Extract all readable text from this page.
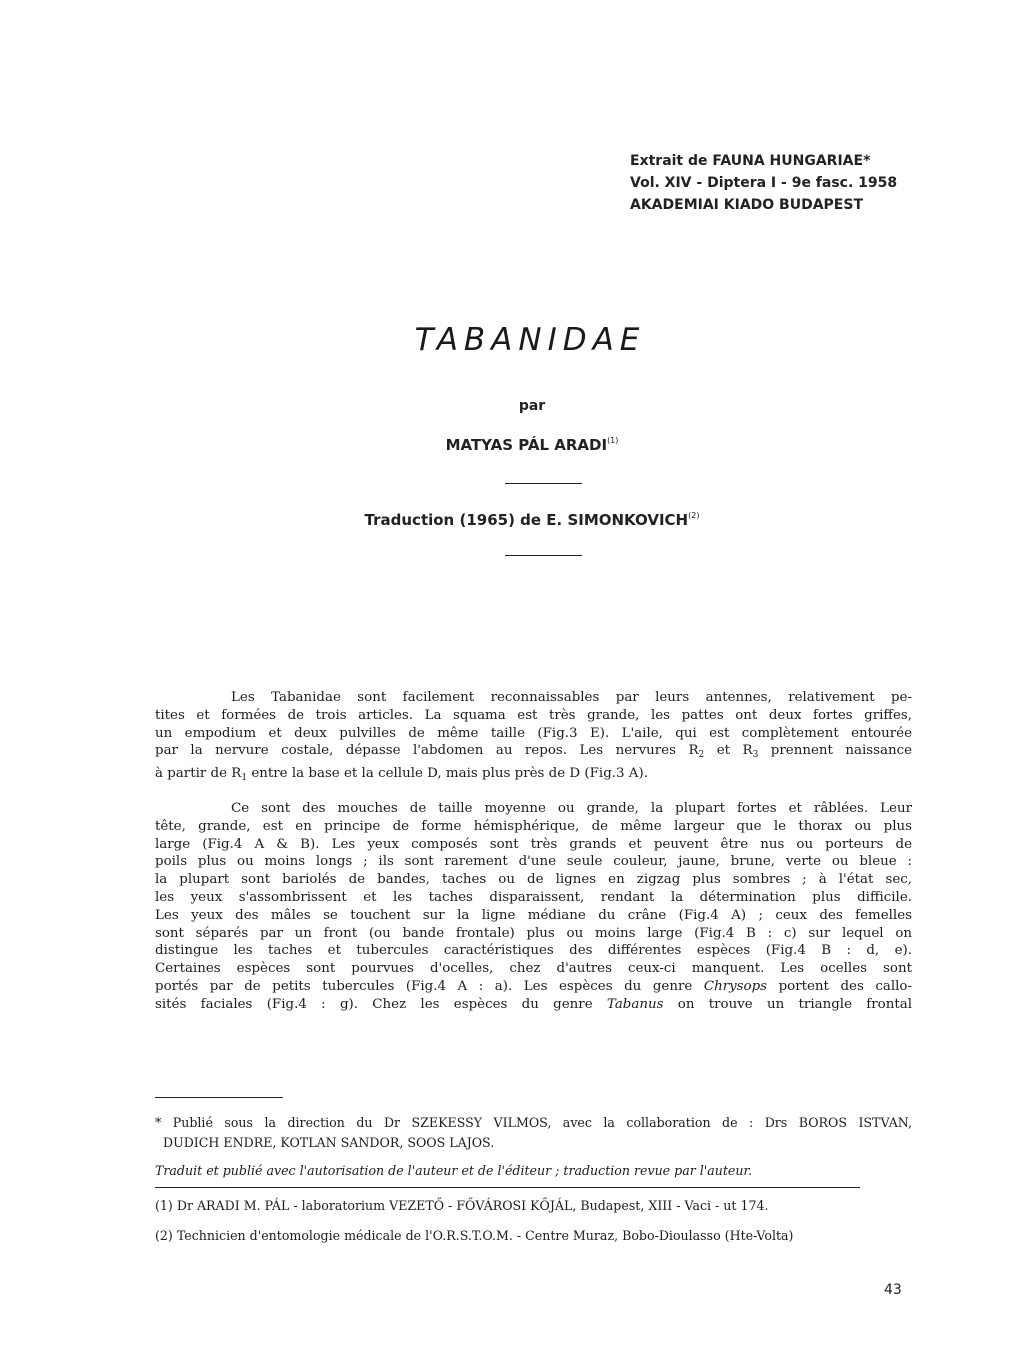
Extrait de FAUNA HUNGARIAE*
Vol. XIV - Diptera I - 9e fasc. 1958
AKADEMIAI KIADO BUDAPEST
TABANIDAE
par
MATYAS PÁL ARADI$^{(1)}$
Traduction (1965) de E. SIMONKOVICH$^{(2)}$

Les Tabanidae sont facilement reconnaissables par leurs antennes, relativement pe-
tites et formées de trois articles. La squama est très grande, les pattes ont deux fortes griffes,
un empodium et deux pulvilles de même taille (Fig.3 E). L'aile, qui est complètement entourée
par la nervure costale, dépasse l'abdomen au repos. Les nervures $R_2$ et $R_3$ prennent naissance
à partir de $R_1$ entre la base et la cellule D, mais plus près de D (Fig.3 A).

Ce sont des mouches de taille moyenne ou grande, la plupart fortes et râblées. Leur
tête, grande, est en principe de forme hémisphérique, de même largeur que le thorax ou plus
large (Fig.4 A & B). Les yeux composés sont très grands et peuvent être nus ou porteurs de
poils plus ou moins longs ; ils sont rarement d'une seule couleur, jaune, brune, verte ou bleue :
la plupart sont bariolés de bandes, taches ou de lignes en zigzag plus sombres ; à l'état sec,
les yeux s'assombrissent et les taches disparaissent, rendant la détermination plus difficile.
Les yeux des mâles se touchent sur la ligne médiane du crâne (Fig.4 A) ; ceux des femelles
sont séparés par un front (ou bande frontale) plus ou moins large (Fig.4 B : c) sur lequel on
distingue les taches et tubercules caractéristiques des différentes espèces (Fig.4 B : d, e).
Certaines espèces sont pourvues d'ocelles, chez d'autres ceux-ci manquent. Les ocelles sont
portés par de petits tubercules (Fig.4 A : a). Les espèces du genre Chrysops portent des callo-
sités faciales (Fig.4 : g). Chez les espèces du genre Tabanus on trouve un triangle frontal

* Publié sous la direction du Dr SZEKESSY VILMOS, avec la collaboration de : Drs BOROS ISTVAN,
DUDICH ENDRE, KOTLAN SANDOR, SOOS LAJOS.
Traduit et publié avec l'autorisation de l'auteur et de l'éditeur ; traduction revue par l'auteur.
(1) Dr ARADI M. PÁL - laboratorium VEZETŐ - FŐVÁROSI KŐJÁL, Budapest, XIII - Vaci - ut 174.
(2) Technicien d'entomologie médicale de l'O.R.S.T.O.M. - Centre Muraz, Bobo-Dioulasso (Hte-Volta)
43
